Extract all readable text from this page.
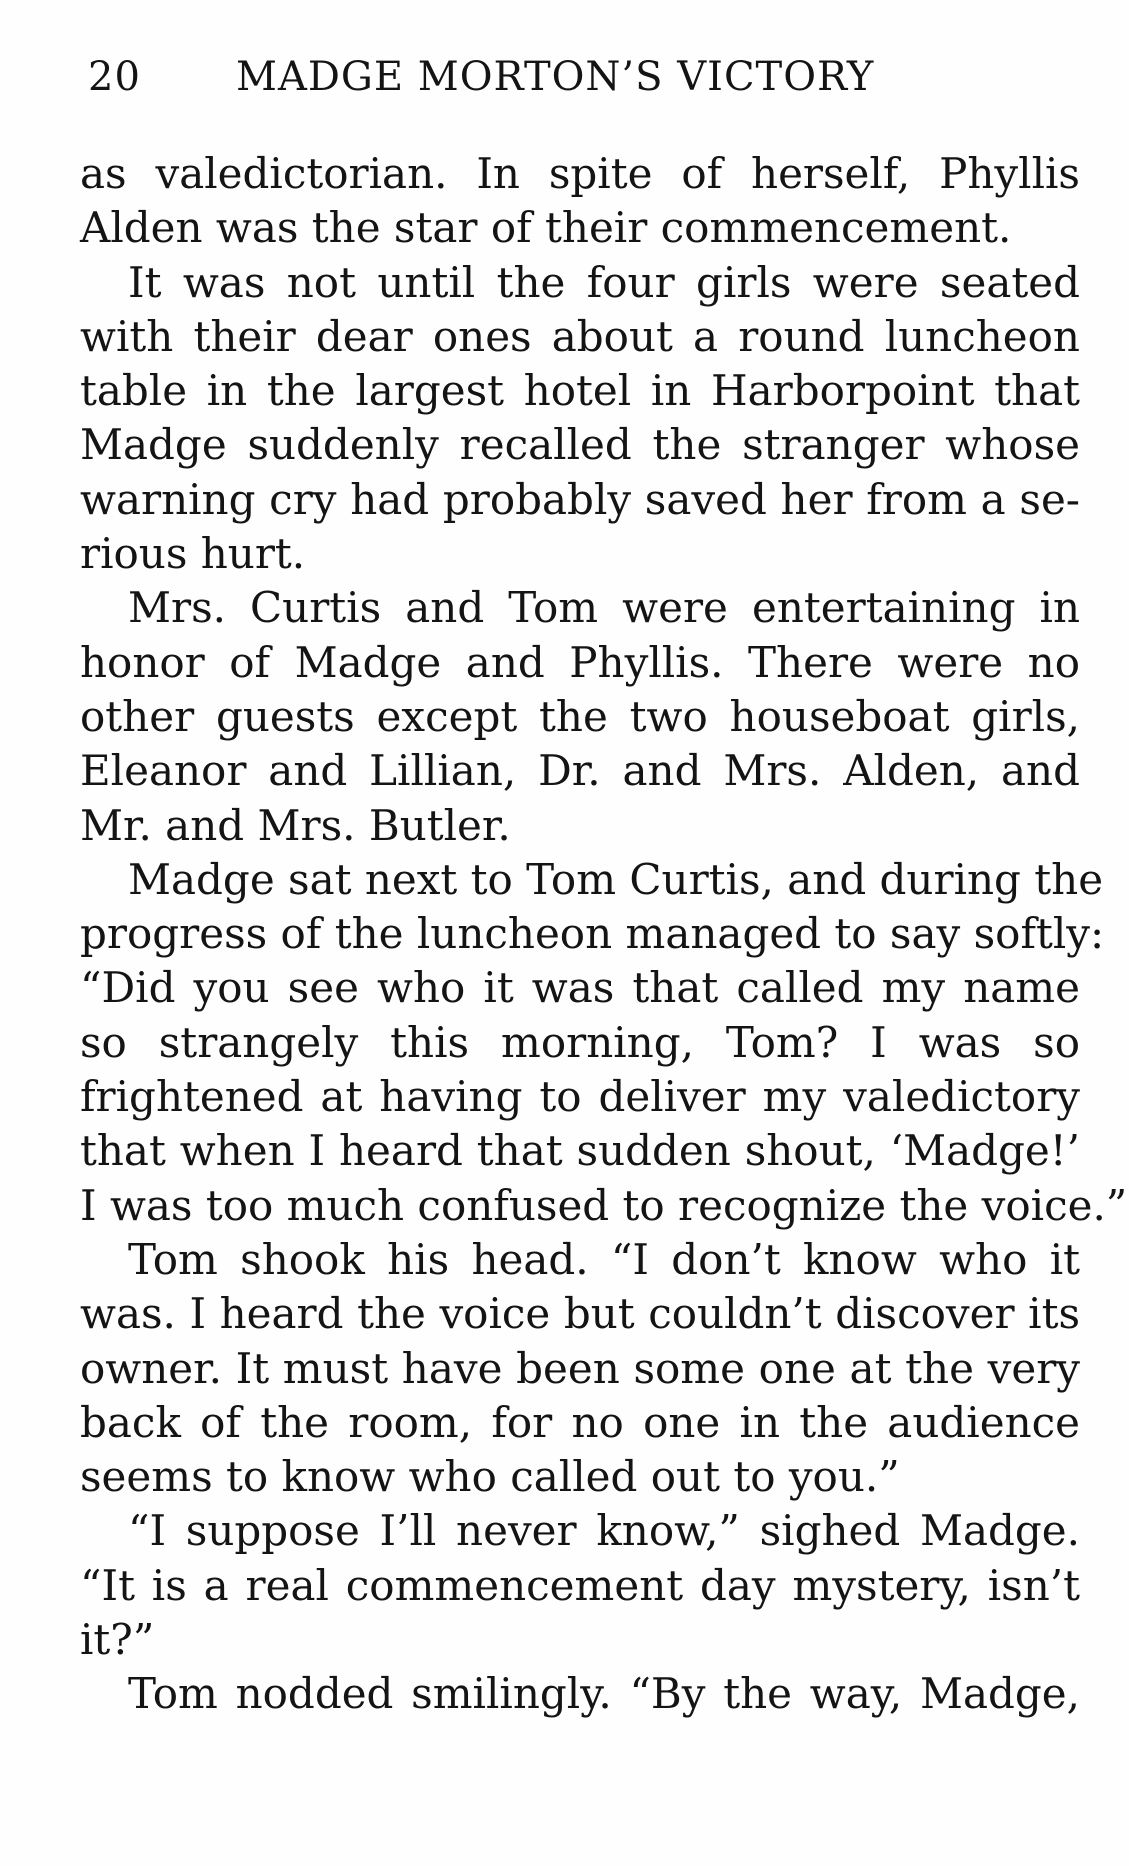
20 MADGE MORTON’S VICTORY
as valedictorian. In spite of herself, Phyllis
Alden was the star of their commencement.
It was not until the four girls were seated
with their dear ones about a round luncheon
table in the largest hotel in Harborpoint that
Madge suddenly recalled the stranger whose
warning cry had probably saved her from a se-
rious hurt.
Mrs. Curtis and Tom were entertaining in
honor of Madge and Phyllis. There were no
other guests except the two houseboat girls,
Eleanor and Lillian, Dr. and Mrs. Alden, and
Mr. and Mrs. Butler.
Madge sat next to Tom Curtis, and during the
progress of the luncheon managed to say softly:
“Did you see who it was that called my name
so strangely this morning, Tom? I was so
frightened at having to deliver my valedictory
that when I heard that sudden shout, ‘Madge!’
I was too much confused to recognize the voice.”
Tom shook his head. “I don’t know who it
was. I heard the voice but couldn’t discover its
owner. It must have been some one at the very
back of the room, for no one in the audience
seems to know who called out to you.”
“I suppose I’ll never know,” sighed Madge.
“It is a real commencement day mystery, isn’t
it?”
Tom nodded smilingly. “By the way, Madge,
